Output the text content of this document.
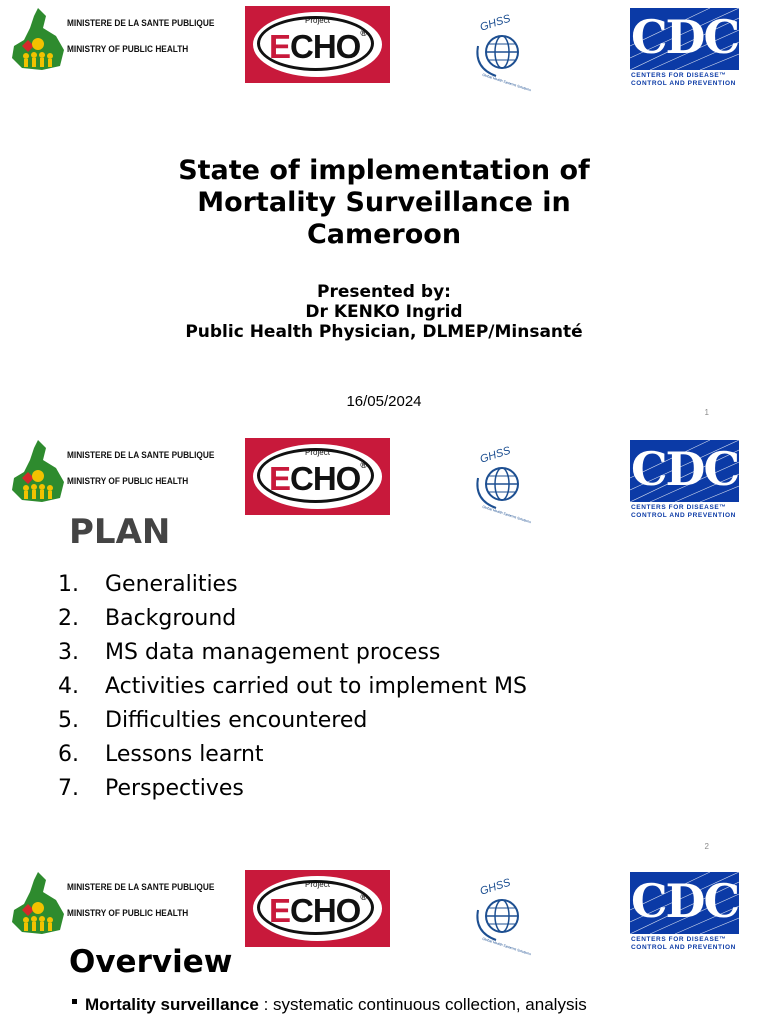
MINISTERE DE LA SANTE PUBLIQUE
MINISTRY OF PUBLIC HEALTH
Project
ECHO®	GHSS
Global Health Systems Solutions
CDC
CENTERS FOR DISEASE™
CONTROL AND PREVENTION
State of implementation of
Mortality Surveillance in
Cameroon
Presented by:
Dr KENKO Ingrid
Public Health Physician, DLMEP/Minsanté
16/05/2024
1
MINISTERE DE LA SANTE PUBLIQUE
MINISTRY OF PUBLIC HEALTH
Project
ECHO®	GHSS
Global Health Systems Solutions
CDC
CENTERS FOR DISEASE™
CONTROL AND PREVENTION
PLAN
1. Generalities
2. Background
3. MS data management process
4. Activities carried out to implement MS
5. Difficulties encountered
6. Lessons learnt
7. Perspectives
2
MINISTERE DE LA SANTE PUBLIQUE
MINISTRY OF PUBLIC HEALTH
Project
ECHO®	GHSS
Global Health Systems Solutions
CDC
CENTERS FOR DISEASE™
CONTROL AND PREVENTION
Overview
Mortality surveillance : systematic continuous collection, analysis
